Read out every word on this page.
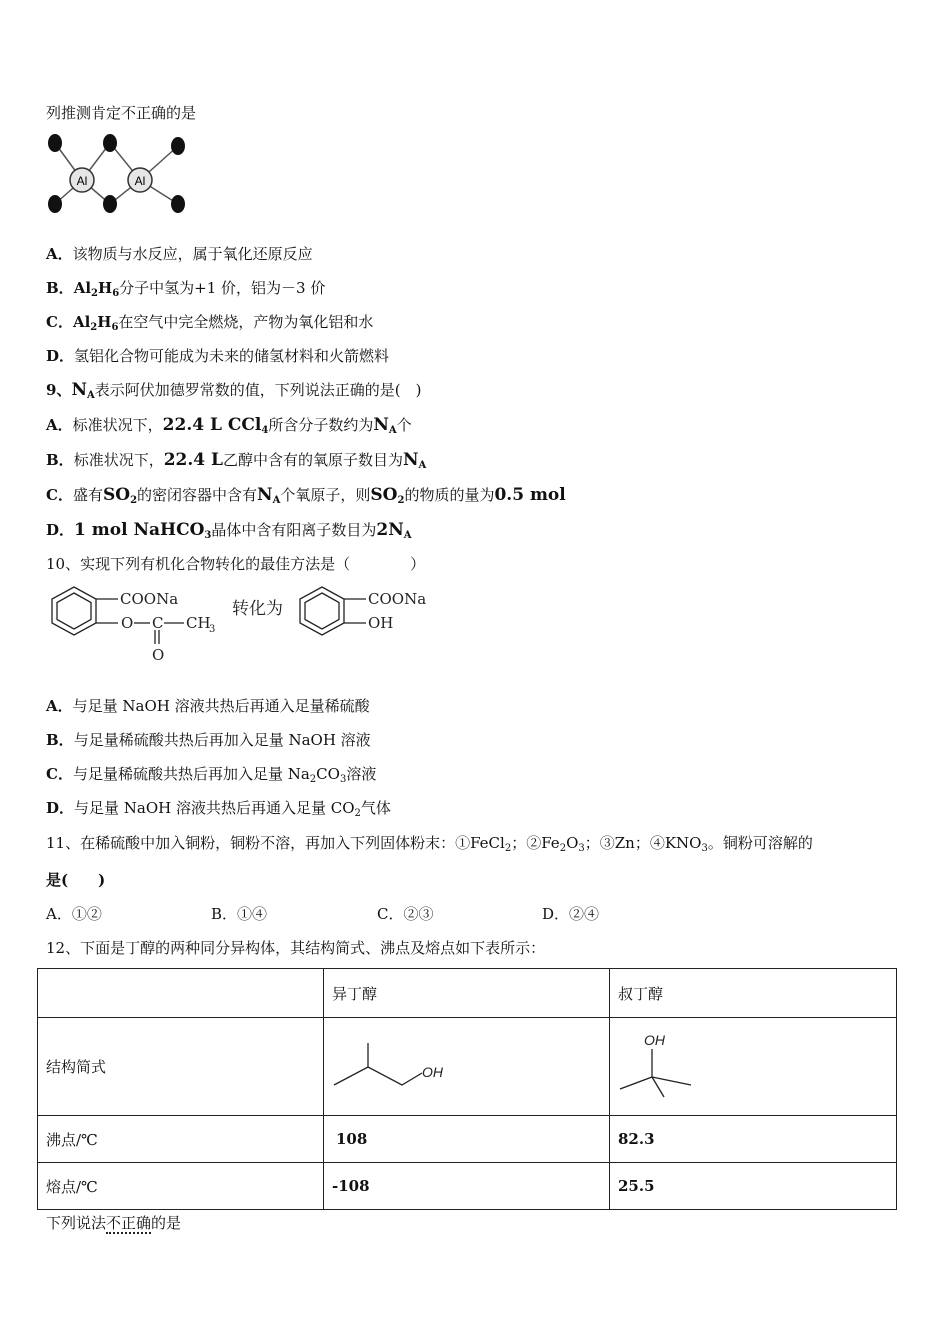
列推测肯定不正确的是
Al	Al
A．该物质与水反应，属于氧化还原反应
B．$Al_2H_6$分子中氢为+1 价，铝为－3 价
C．$Al_2H_6$在空气中完全燃烧，产物为氧化铝和水
D．氢铝化合物可能成为未来的储氢材料和火箭燃料
9、$N_A$表示阿伏加德罗常数的值，下列说法正确的是(　)
A．标准状况下，22.4 L CCl$_4$所含分子数约为$N_A$个
B．标准状况下，22.4 L乙醇中含有的氧原子数目为$N_A$
C．盛有$SO_2$的密闭容器中含有$N_A$个氧原子，则$SO_2$的物质的量为0.5 mol
D．1 mol NaHCO$_3$晶体中含有阳离子数目为$2N_A$
10、实现下列有机化合物转化的最佳方法是（　　　　）
COONa
O C CH
3
O
转化为	COONa
OH
A．与足量 NaOH 溶液共热后再通入足量稀硫酸
B．与足量稀硫酸共热后再加入足量 NaOH 溶液
C．与足量稀硫酸共热后再加入足量 $Na_2CO_3$溶液
D．与足量 NaOH 溶液共热后再通入足量 $CO_2$气体
11、在稀硫酸中加入铜粉，铜粉不溶，再加入下列固体粉末：①FeCl$_2$；$②Fe_2O_3$；③Zn；$④KNO_3$。铜粉可溶解的
是(　　)
A．①②	B．①④	C．②③	D．②④
12、下面是丁醇的两种同分异构体，其结构简式、沸点及熔点如下表所示：
	异丁醇	叔丁醇
结构简式	OH	OH

沸点/℃	108	82.3
熔点/℃	-108	25.5
下列说法不正确的是
